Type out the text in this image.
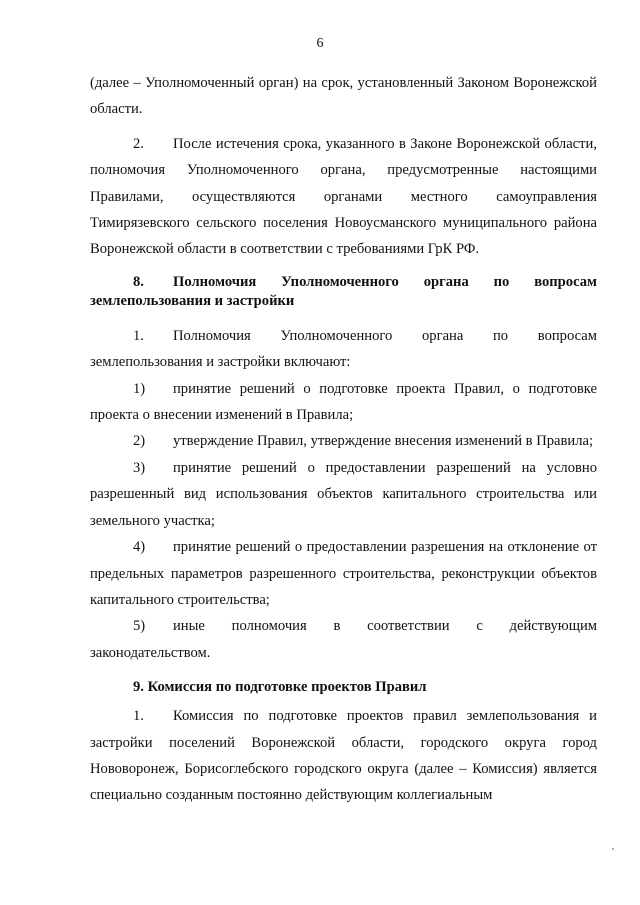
6

(далее – Уполномоченный орган) на срок, установленный Законом Воронежской области.

2. После истечения срока, указанного в Законе Воронежской области, полномочия Уполномоченного органа, предусмотренные настоящими Правилами, осуществляются органами местного самоуправления Тимирязевского сельского поселения Новоусманского муниципального района Воронежской области в соответствии с требованиями ГрК РФ.

8. Полномочия Уполномоченного органа по вопросам землепользования и застройки

1. Полномочия Уполномоченного органа по вопросам землепользования и застройки включают:

1) принятие решений о подготовке проекта Правил, о подготовке проекта о внесении изменений в Правила;

2) утверждение Правил, утверждение внесения изменений в Правила;

3) принятие решений о предоставлении разрешений на условно разрешенный вид использования объектов капитального строительства или земельного участка;

4) принятие решений о предоставлении разрешения на отклонение от предельных параметров разрешенного строительства, реконструкции объектов капитального строительства;

5) иные полномочия в соответствии с действующим законодательством.

9. Комиссия по подготовке проектов Правил

1. Комиссия по подготовке проектов правил землепользования и застройки поселений Воронежской области, городского округа город Нововоронеж, Борисоглебского городского округа (далее – Комиссия) является специально созданным постоянно действующим коллегиальным
